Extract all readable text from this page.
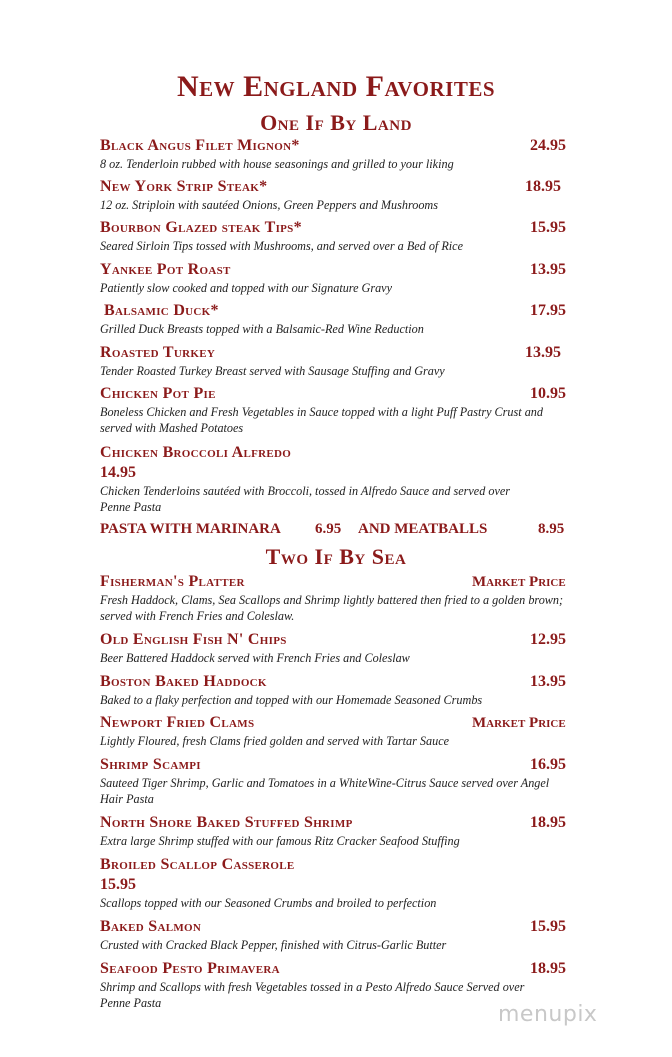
New England Favorites
One If By Land
Black Angus Filet Mignon*	24.95
8 oz. Tenderloin rubbed with house seasonings and grilled to your liking
New York Strip Steak*	18.95
12 oz. Striploin with sautéed Onions, Green Peppers and Mushrooms
Bourbon Glazed steak Tips*	15.95
Seared Sirloin Tips tossed with Mushrooms, and served over a Bed of Rice
Yankee Pot Roast	13.95
Patiently slow cooked and topped with our Signature Gravy
Balsamic Duck*	17.95
Grilled Duck Breasts topped with a Balsamic-Red Wine Reduction
Roasted Turkey	13.95
Tender Roasted Turkey Breast served with Sausage Stuffing and Gravy
Chicken Pot Pie	10.95
Boneless Chicken and Fresh Vegetables in Sauce topped with a light Puff Pastry Crust and served with Mashed Potatoes
Chicken Broccoli Alfredo
14.95
Chicken Tenderloins sautéed with Broccoli, tossed in Alfredo Sauce and served over Penne Pasta
PASTA WITH MARINARA 6.95 AND MEATBALLS	8.95
Two If By Sea
Fisherman's Platter	Market Price
Fresh Haddock, Clams, Sea Scallops and Shrimp lightly battered then fried to a golden brown; served with French Fries and Coleslaw.
Old English Fish N' Chips	12.95
Beer Battered Haddock served with French Fries and Coleslaw
Boston Baked Haddock	13.95
Baked to a flaky perfection and topped with our Homemade Seasoned Crumbs
Newport Fried Clams	Market Price
Lightly Floured, fresh Clams fried golden and served with Tartar Sauce
Shrimp Scampi	16.95
Sauteed Tiger Shrimp, Garlic and Tomatoes in a WhiteWine-Citrus Sauce served over Angel Hair Pasta
North Shore Baked Stuffed Shrimp	18.95
Extra large Shrimp stuffed with our famous Ritz Cracker Seafood Stuffing
Broiled Scallop Casserole
15.95
Scallops topped with our Seasoned Crumbs and broiled to perfection
Baked Salmon	15.95
Crusted with Cracked Black Pepper, finished with Citrus-Garlic Butter
Seafood Pesto Primavera	18.95
Shrimp and Scallops with fresh Vegetables tossed in a Pesto Alfredo Sauce Served over Penne Pasta	menupix
